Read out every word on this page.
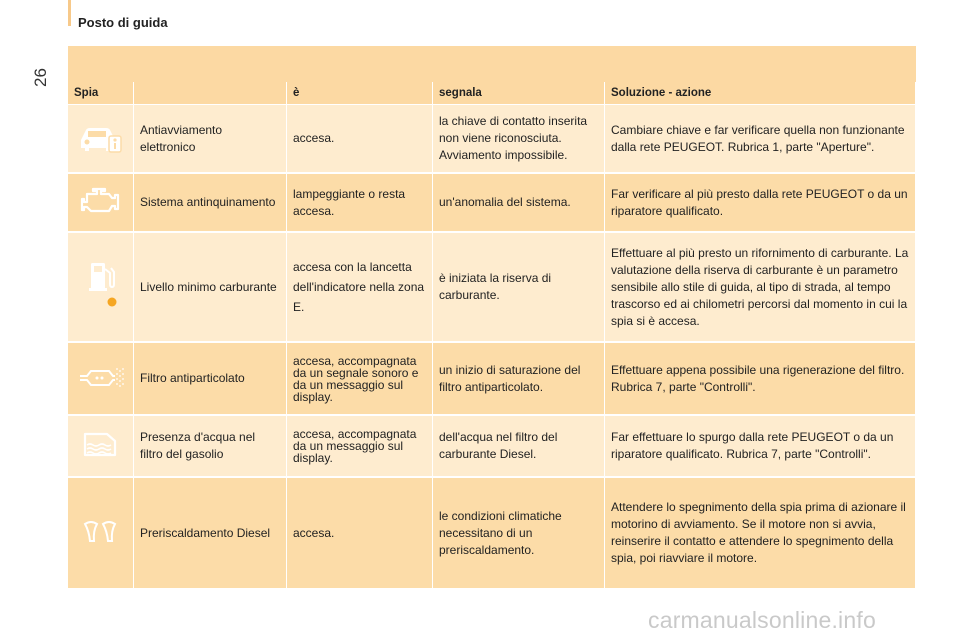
Posto di guida
26
Spia		è	segnala	Soluzione - azione

	Antiavviamento elettronico	accesa.	la chiave di contatto inserita non viene riconosciuta. Avviamento impossibile.	Cambiare chiave e far verificare quella non funzionante dalla rete PEUGEOT. Rubrica 1, parte "Aperture".

	Sistema antinquinamento	lampeggiante o resta accesa.	un'anomalia del sistema.	Far verificare al più presto dalla rete PEUGEOT o da un riparatore qualificato.

	Livello minimo carburante	accesa con la lancetta dell'indicatore nella zona E.	è iniziata la riserva di carburante.	Effettuare al più presto un rifornimento di carburante. La valutazione della riserva di carburante è un parametro sensibile allo stile di guida, al tipo di strada, al tempo trascorso ed ai chilometri percorsi dal momento in cui la spia si è accesa.

	Filtro antiparticolato	accesa, accompagnata da un segnale sonoro e da un messaggio sul display.	un inizio di saturazione del filtro antiparticolato.	Effettuare appena possibile una rigenerazione del filtro. Rubrica 7, parte "Controlli".

	Presenza d'acqua nel filtro del gasolio	accesa, accompagnata da un messaggio sul display.	dell'acqua nel filtro del carburante Diesel.	Far effettuare lo spurgo dalla rete PEUGEOT o da un riparatore qualificato. Rubrica 7, parte "Controlli".

	Preriscaldamento Diesel	accesa.	le condizioni climatiche necessitano di un preriscaldamento.	Attendere lo spegnimento della spia prima di azionare il motorino di avviamento. Se il motore non si avvia, reinserire il contatto e attendere lo spegnimento della spia, poi riavviare il motore.
carmanualsonline.info
